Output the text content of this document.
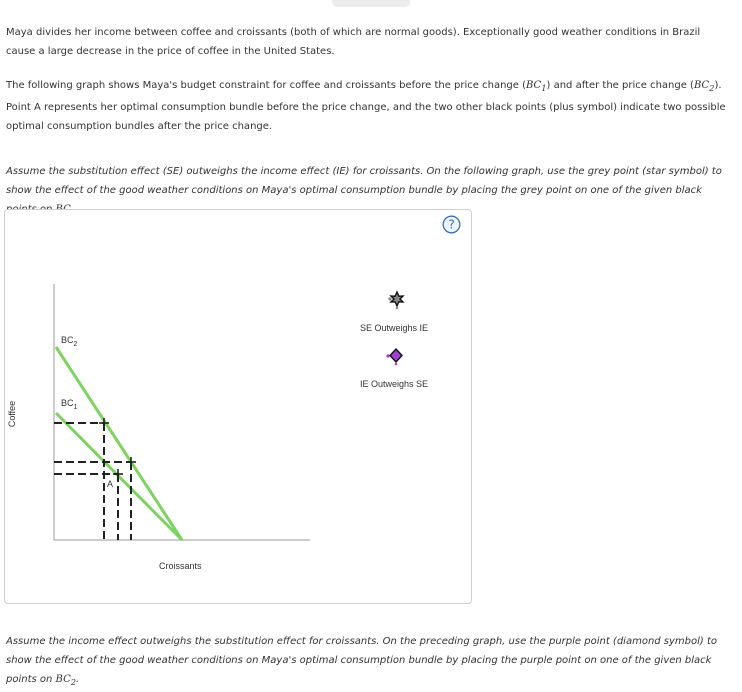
Maya divides her income between coffee and croissants (both of which are normal goods). Exceptionally good weather conditions in Brazil cause a large decrease in the price of coffee in the United States.

The following graph shows Maya's budget constraint for coffee and croissants before the price change $(BC_1)$ and after the price change $(BC_2)$. Point A represents her optimal consumption bundle before the price change, and the two other black points (plus symbol) indicate two possible optimal consumption bundles after the price change.

Assume the substitution effect (SE) outweighs the income effect (IE) for croissants. On the following graph, use the grey point (star symbol) to show the effect of the good weather conditions on Maya's optimal consumption bundle by placing the grey point on one of the given black

?
$BC_2$
$BC_1$
A
Croissants
Coffee
SE Outweighs IE
IE Outweighs SE

Assume the income effect outweighs the substitution effect for croissants. On the preceding graph, use the purple point (diamond symbol) to show the effect of the good weather conditions on Maya's optimal consumption bundle by placing the purple point on one of the given black points on $BC_2$.
